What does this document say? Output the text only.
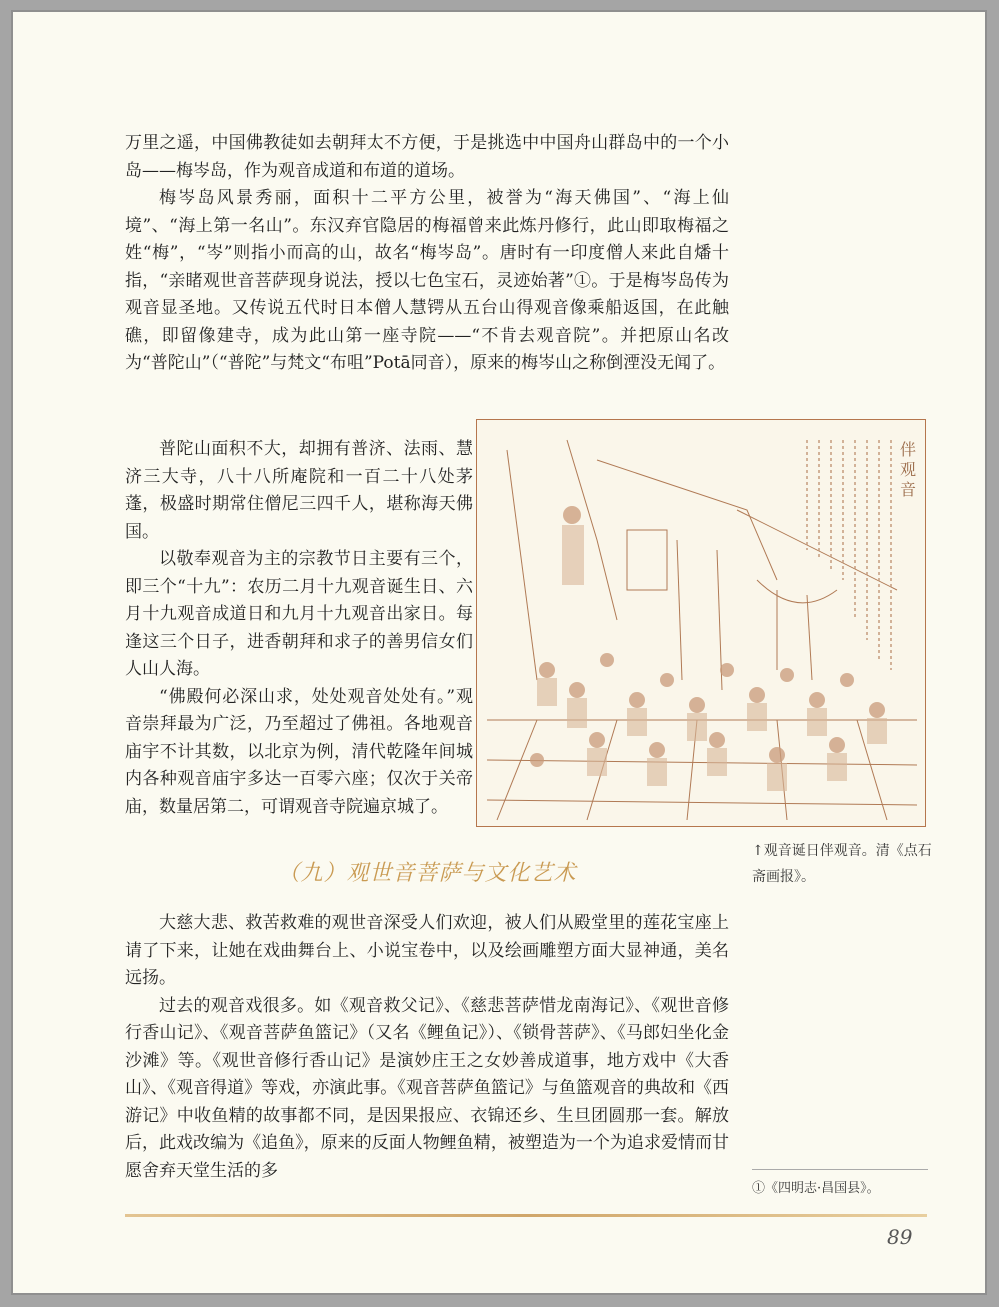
万里之遥，中国佛教徒如去朝拜太不方便，于是挑选中中国舟山群岛中的一个小岛——梅岑岛，作为观音成道和布道的道场。

梅岑岛风景秀丽，面积十二平方公里，被誉为“海天佛国”、“海上仙境”、“海上第一名山”。东汉弃官隐居的梅福曾来此炼丹修行，此山即取梅福之姓“梅”，“岑”则指小而高的山，故名“梅岑岛”。唐时有一印度僧人来此自燔十指，“亲睹观世音菩萨现身说法，授以七色宝石，灵迹始著”①。于是梅岑岛传为观音显圣地。又传说五代时日本僧人慧锷从五台山得观音像乘船返国，在此触礁，即留像建寺，成为此山第一座寺院——“不肯去观音院”。并把原山名改为“普陀山”（“普陀”与梵文“布咀”Potā同音），原来的梅岑山之称倒湮没无闻了。

普陀山面积不大，却拥有普济、法雨、慧济三大寺，八十八所庵院和一百二十八处茅蓬，极盛时期常住僧尼三四千人，堪称海天佛国。

以敬奉观音为主的宗教节日主要有三个，即三个“十九”：农历二月十九观音诞生日、六月十九观音成道日和九月十九观音出家日。每逢这三个日子，进香朝拜和求子的善男信女们人山人海。

“佛殿何必深山求，处处观音处处有。”观音崇拜最为广泛，乃至超过了佛祖。各地观音庙宇不计其数，以北京为例，清代乾隆年间城内各种观音庙宇多达一百零六座；仅次于关帝庙，数量居第二，可谓观音寺院遍京城了。

伴观音
↑观音诞日伴观音。清《点石斋画报》。
（九）观世音菩萨与文化艺术

大慈大悲、救苦救难的观世音深受人们欢迎，被人们从殿堂里的莲花宝座上请了下来，让她在戏曲舞台上、小说宝卷中，以及绘画雕塑方面大显神通，美名远扬。

过去的观音戏很多。如《观音救父记》、《慈悲菩萨惜龙南海记》、《观世音修行香山记》、《观音菩萨鱼篮记》（又名《鲤鱼记》）、《锁骨菩萨》、《马郎妇坐化金沙滩》等。《观世音修行香山记》是演妙庄王之女妙善成道事，地方戏中《大香山》、《观音得道》等戏，亦演此事。《观音菩萨鱼篮记》与鱼篮观音的典故和《西游记》中收鱼精的故事都不同，是因果报应、衣锦还乡、生旦团圆那一套。解放后，此戏改编为《追鱼》，原来的反面人物鲤鱼精，被塑造为一个为追求爱情而甘愿舍弃天堂生活的多

①《四明志·昌国县》。
89
